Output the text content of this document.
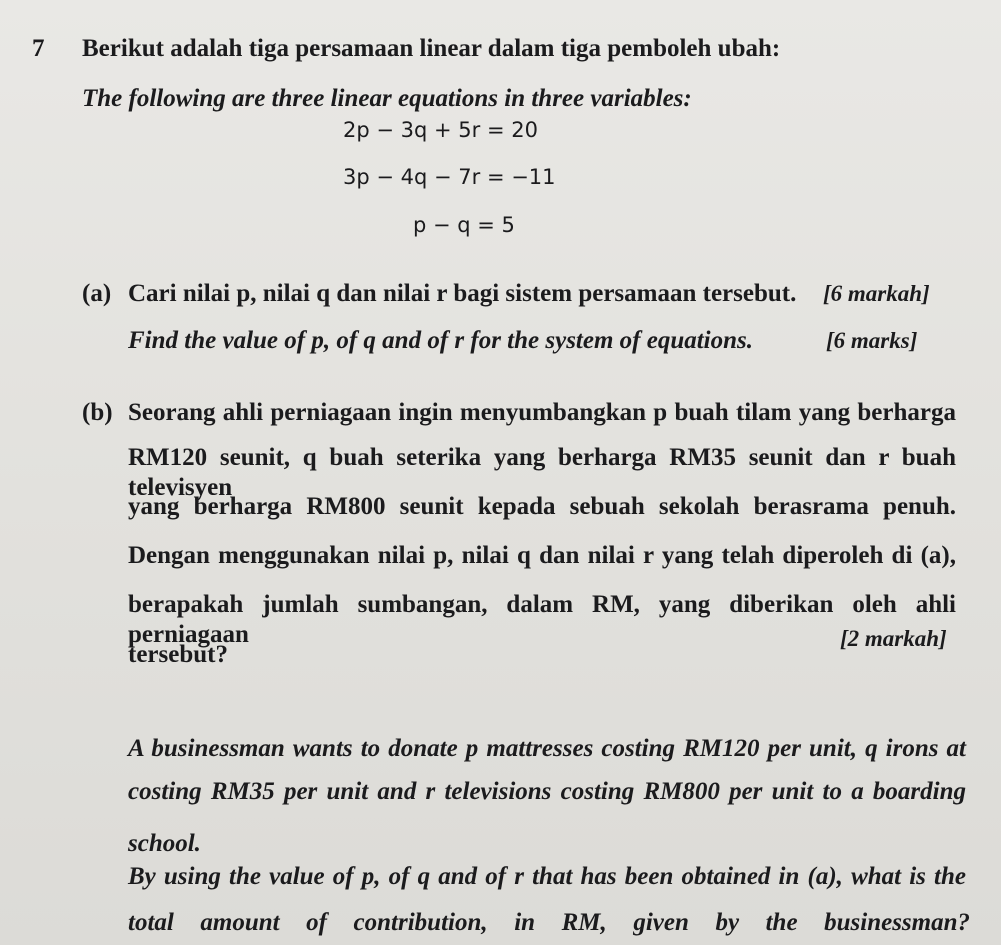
7 Berikut adalah tiga persamaan linear dalam tiga pemboleh ubah:
The following are three linear equations in three variables:
2p − 3q + 5r = 20
3p − 4q − 7r = −11
p − q = 5
(a) Cari nilai p, nilai q dan nilai r bagi sistem persamaan tersebut. [6 markah]
Find the value of p, of q and of r for the system of equations.	[6 marks]
(b) Seorang ahli perniagaan ingin menyumbangkan p buah tilam yang berharga
RM120 seunit, q buah seterika yang berharga RM35 seunit dan r buah televisyen
yang berharga RM800 seunit kepada sebuah sekolah berasrama penuh.
Dengan menggunakan nilai p, nilai q dan nilai r yang telah diperoleh di (a),
berapakah jumlah sumbangan, dalam RM, yang diberikan oleh ahli perniagaan
tersebut?
[2 markah]
A businessman wants to donate p mattresses costing RM120 per unit, q irons at
costing RM35 per unit and r televisions costing RM800 per unit to a boarding
school.
By using the value of p, of q and of r that has been obtained in (a), what is the
total amount of contribution, in RM, given by the businessman?
